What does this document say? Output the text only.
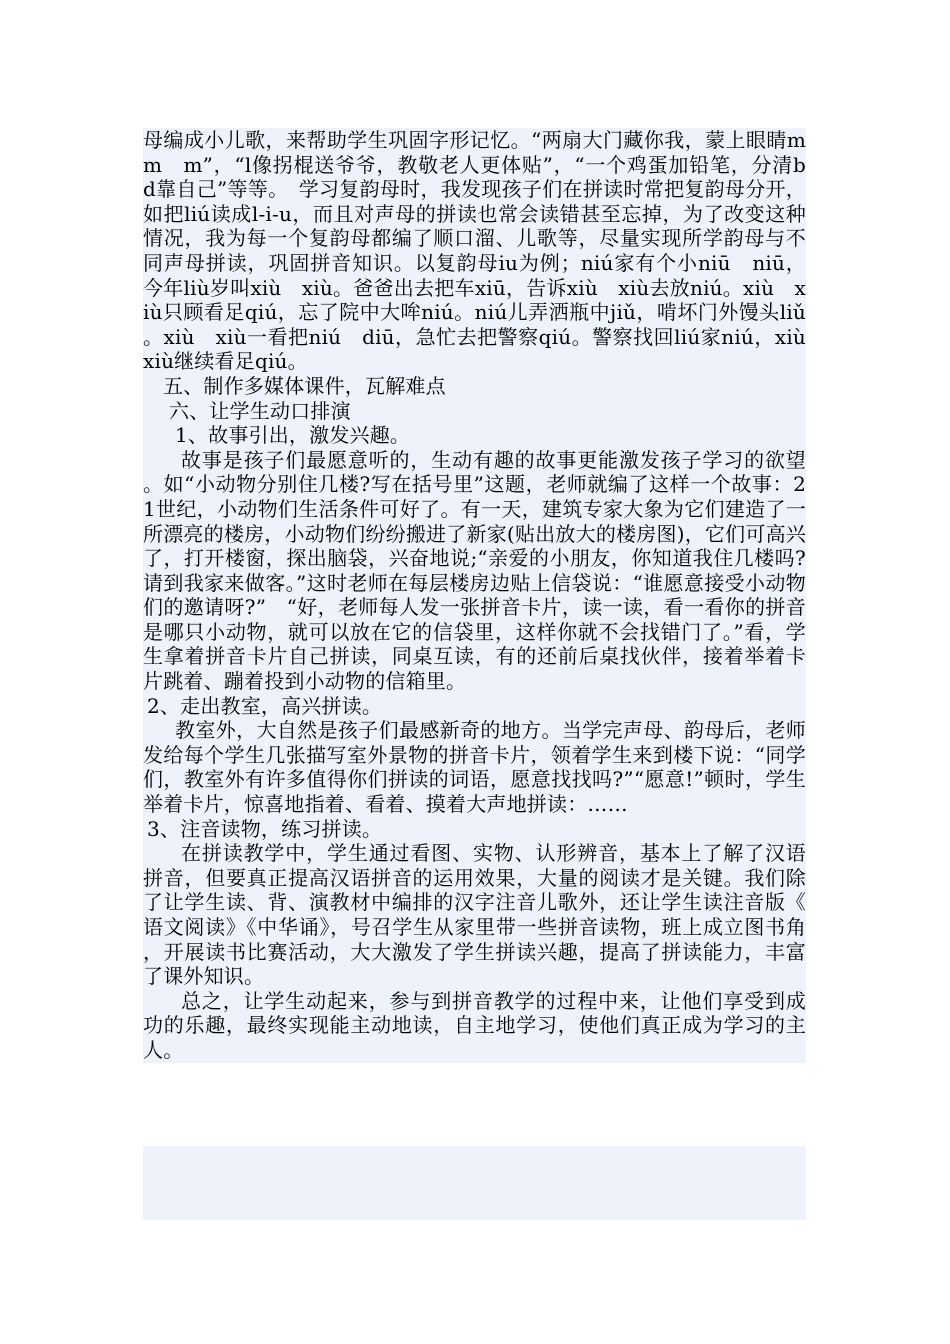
母编成小儿歌，来帮助学生巩固字形记忆。“两扇大门藏你我，蒙上眼睛m　m　m”，“l像拐棍送爷爷，教敬老人更体贴”，“一个鸡蛋加铅笔，分清b　d靠自己”等等。　学习复韵母时，我发现孩子们在拼读时常把复韵母分开，如把liú读成l-i-u，而且对声母的拼读也常会读错甚至忘掉，为了改变这种情况，我为每一个复韵母都编了顺口溜、儿歌等，尽量实现所学韵母与不同声母拼读，巩固拼音知识。以复韵母iu为例；niú家有个小niū　niū，今年liù岁叫xiù　xiù。爸爸出去把车xiū，告诉xiù　xiù去放niú。xiù　xiù只顾看足qiú，忘了院中大哞niú。niú儿弄洒瓶中jiǔ，啃坏门外馒头liǔ。xiù　xiù一看把niú　diū，急忙去把警察qiú。警察找回liú家niú，xiù　xiù继续看足qiú。

五、制作多媒体课件，瓦解难点

六、让学生动口排演

1、故事引出，激发兴趣。

故事是孩子们最愿意听的，生动有趣的故事更能激发孩子学习的欲望。如“小动物分别住几楼?写在括号里”这题，老师就编了这样一个故事：21世纪，小动物们生活条件可好了。有一天，建筑专家大象为它们建造了一所漂亮的楼房，小动物们纷纷搬进了新家(贴出放大的楼房图)，它们可高兴了，打开楼窗，探出脑袋，兴奋地说;“亲爱的小朋友，你知道我住几楼吗?请到我家来做客。”这时老师在每层楼房边贴上信袋说：“谁愿意接受小动物们的邀请呀?”　“好，老师每人发一张拼音卡片，读一读，看一看你的拼音是哪只小动物，就可以放在它的信袋里，这样你就不会找错门了。”看，学生拿着拼音卡片自己拼读，同桌互读，有的还前后桌找伙伴，接着举着卡片跳着、蹦着投到小动物的信箱里。

2、走出教室，高兴拼读。

教室外，大自然是孩子们最感新奇的地方。当学完声母、韵母后，老师发给每个学生几张描写室外景物的拼音卡片，领着学生来到楼下说：“同学们，教室外有许多值得你们拼读的词语，愿意找找吗?”“愿意!”顿时，学生举着卡片，惊喜地指着、看着、摸着大声地拼读：……

3、注音读物，练习拼读。

在拼读教学中，学生通过看图、实物、认形辨音，基本上了解了汉语拼音，但要真正提高汉语拼音的运用效果，大量的阅读才是关键。我们除了让学生读、背、演教材中编排的汉字注音儿歌外，还让学生读注音版《语文阅读》《中华诵》，号召学生从家里带一些拼音读物，班上成立图书角，开展读书比赛活动，大大激发了学生拼读兴趣，提高了拼读能力，丰富了课外知识。

总之，让学生动起来，参与到拼音教学的过程中来，让他们享受到成功的乐趣，最终实现能主动地读，自主地学习，使他们真正成为学习的主人。
